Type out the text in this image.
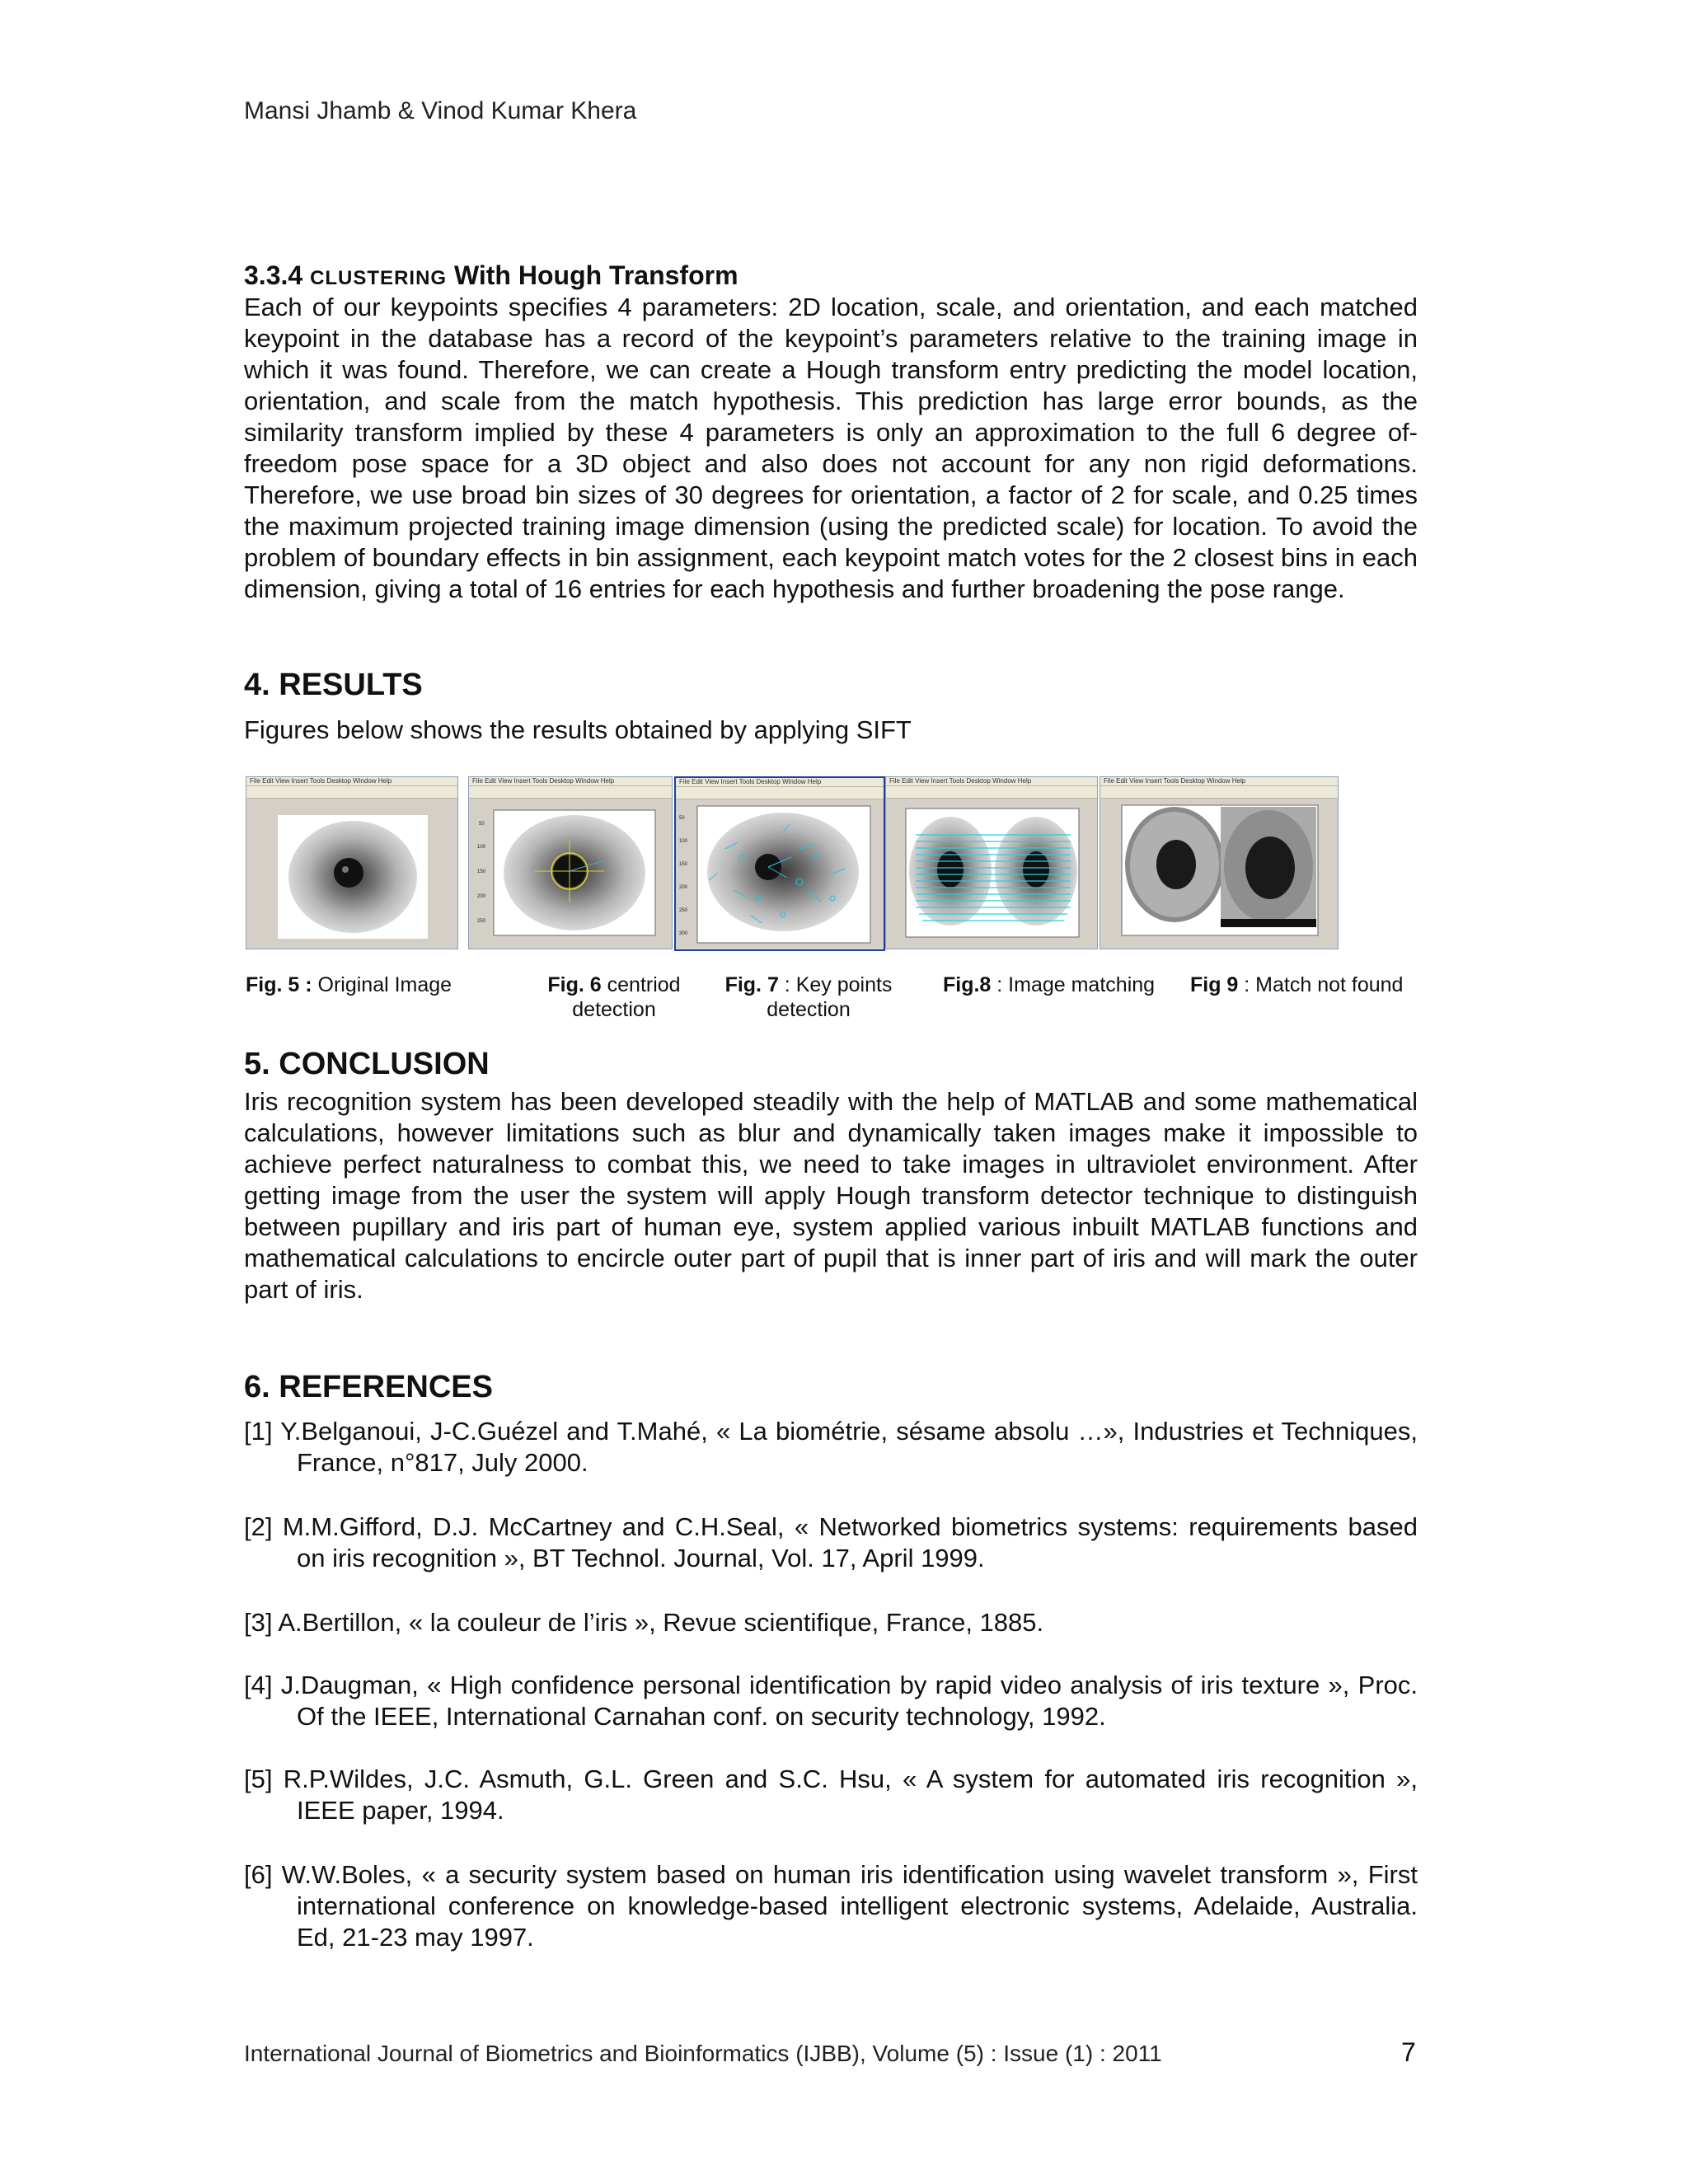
Mansi Jhamb & Vinod Kumar Khera
3.3.4 CLUSTERING With Hough Transform

Each of our keypoints specifies 4 parameters: 2D location, scale, and orientation, and each matched keypoint in the database has a record of the keypoint’s parameters relative to the training image in which it was found. Therefore, we can create a Hough transform entry predicting the model location, orientation, and scale from the match hypothesis. This prediction has large error bounds, as the similarity transform implied by these 4 parameters is only an approximation to the full 6 degree of- freedom pose space for a 3D object and also does not account for any non rigid deformations. Therefore, we use broad bin sizes of 30 degrees for orientation, a factor of 2 for scale, and 0.25 times the maximum projected training image dimension (using the predicted scale) for location. To avoid the problem of boundary effects in bin assignment, each keypoint match votes for the 2 closest bins in each dimension, giving a total of 16 entries for each hypothesis and further broadening the pose range.

4. RESULTS
Figures below shows the results obtained by applying SIFT
File Edit View Insert Tools Desktop Window Help	File Edit View Insert Tools Desktop Window Help
50
100
150
200
250
File Edit View Insert Tools Desktop Window Help
50
100
150
200
250
300
File Edit View Insert Tools Desktop Window Help	File Edit View Insert Tools Desktop Window Help
Fig. 5 : Original Image	Fig. 6 centriod
detection
Fig. 7 : Key points
detection
Fig.8 : Image matching	Fig 9 : Match not found
5. CONCLUSION

Iris recognition system has been developed steadily with the help of MATLAB and some mathematical calculations, however limitations such as blur and dynamically taken images make it impossible to achieve perfect naturalness to combat this, we need to take images in ultraviolet environment. After getting image from the user the system will apply Hough transform detector technique to distinguish between pupillary and iris part of human eye, system applied various inbuilt MATLAB functions and mathematical calculations to encircle outer part of pupil that is inner part of iris and will mark the outer part of iris.

6. REFERENCES

[1] Y.Belganoui, J-C.Guézel and T.Mahé, « La biométrie, sésame absolu …», Industries et Techniques, France, n°817, July 2000.

[2] M.M.Gifford, D.J. McCartney and C.H.Seal, « Networked biometrics systems: requirements based on iris recognition », BT Technol. Journal, Vol. 17, April 1999.

[3] A.Bertillon, « la couleur de l’iris », Revue scientifique, France, 1885.

[4] J.Daugman, « High confidence personal identification by rapid video analysis of iris texture », Proc. Of the IEEE, International Carnahan conf. on security technology, 1992.

[5] R.P.Wildes, J.C. Asmuth, G.L. Green and S.C. Hsu, « A system for automated iris recognition », IEEE paper, 1994.

[6] W.W.Boles, « a security system based on human iris identification using wavelet transform », First international conference on knowledge-based intelligent electronic systems, Adelaide, Australia. Ed, 21-23 may 1997.

International Journal of Biometrics and Bioinformatics (IJBB), Volume (5) : Issue (1) : 2011	7
